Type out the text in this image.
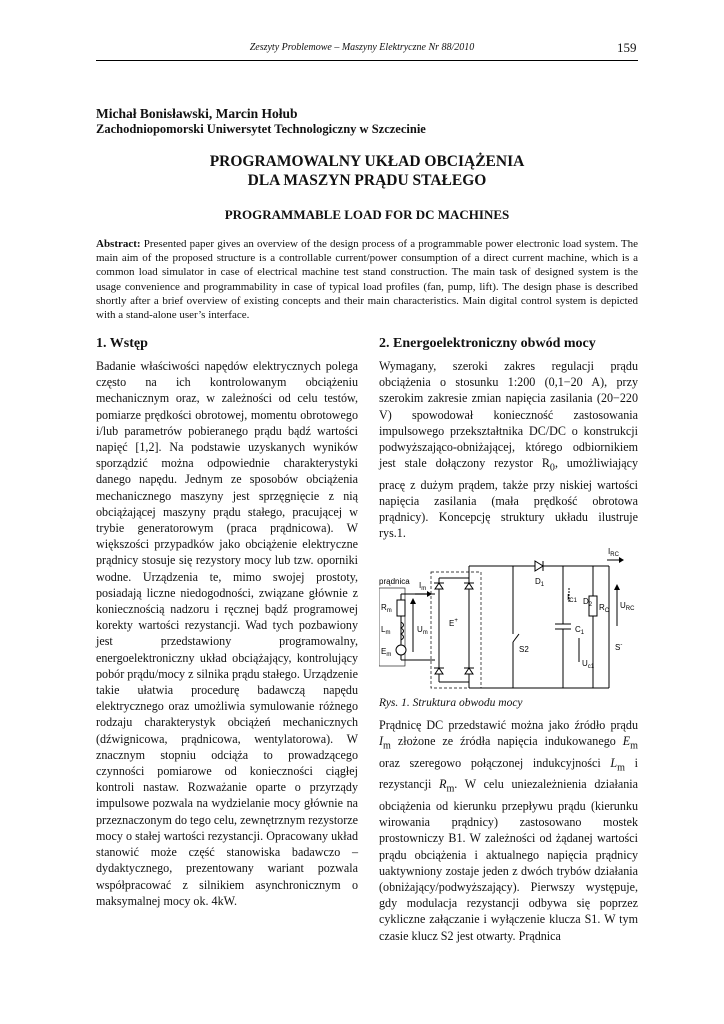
Zeszyty Problemowe – Maszyny Elektryczne Nr 88/2010	159
Michał Bonisławski, Marcin Hołub
Zachodniopomorski Uniwersytet Technologiczny w Szczecinie
PROGRAMOWALNY UKŁAD OBCIĄŻENIA
DLA MASZYN PRĄDU STAŁEGO
PROGRAMMABLE LOAD FOR DC MACHINES
Abstract: Presented paper gives an overview of the design process of a programmable power electronic load system. The main aim of the proposed structure is a controllable current/power consumption of a direct current machine, which is a common load simulator in case of electrical machine test stand construction. The main task of designed system is the usage convenience and programmability in case of typical load profiles (fan, pump, lift). The design phase is described shortly after a brief overview of existing concepts and their main characteristics. Main digital control system is depicted with a stand-alone user’s interface.
1. Wstęp

Badanie właściwości napędów elektrycznych polega często na ich kontrolowanym obciążeniu mechanicznym oraz, w zależności od celu testów, pomiarze prędkości obrotowej, momentu obrotowego i/lub parametrów pobieranego prądu bądź wartości napięć [1,2]. Na podstawie uzyskanych wyników sporządzić można odpowiednie charakterystyki danego napędu. Jednym ze sposobów obciążenia mechanicznego maszyny jest sprzęgnięcie z nią obciążającej maszyny prądu stałego, pracującej w trybie generatorowym (praca prądnicowa). W większości przypadków jako obciążenie elektryczne prądnicy stosuje się rezystory mocy lub tzw. oporniki wodne. Urządzenia te, mimo swojej prostoty, posiadają liczne niedogodności, związane głównie z koniecznością nadzoru i ręcznej bądź programowej korekty wartości rezystancji. Wad tych pozbawiony jest przedstawiony programowalny, energoelektroniczny układ obciążający, kontrolujący pobór prądu/mocy z silnika prądu stałego. Urządzenie takie ułatwia procedurę badawczą napędu elektrycznego oraz umożliwia symulowanie różnego rodzaju charakterystyk obciążeń mechanicznych (dźwignicowa, prądnicowa, wentylatorowa). W znacznym stopniu odciąża to prowadzącego czynności pomiarowe od konieczności ciągłej kontroli nastaw. Rozważanie oparte o przyrządy impulsowe pozwala na wydzielanie mocy głównie na przeznaczonym do tego celu, zewnętrznym rezystorze mocy o stałej wartości rezystancji. Opracowany układ stanowić może część stanowiska badawczo – dydaktycznego, prezentowany wariant pozwala współpracować z silnikiem asynchronicznym o maksymalnej mocy ok. 4kW.

2. Energoelektroniczny obwód mocy

Wymagany, szeroki zakres regulacji prądu obciążenia o stosunku 1:200 (0,1−20 A), przy szerokim zakresie zmian napięcia zasilania (20−220 V) spowodował konieczność zastosowania impulsowego przekształtnika DC/DC o konstrukcji podwyższająco-obniżającej, którego odbiornikiem jest stale dołączony rezystor $R_0$, umożliwiający pracę z dużym prądem, także przy niskiej wartości napięcia zasilania (mała prędkość obrotowa prądnicy). Koncepcję struktury układu ilustruje rys.1.

prądnica
$R_m$
$L_m$
$E_m$
$I_m$
$U_m$
E+
S2
$D_1$
$I_{RC}$
$I_{C1}$
$C_1$
$D_2$ $R_C$
$U_{RC}$
$U_{c1}$
S-
Rys. 1. Struktura obwodu mocy

Prądnicę DC przedstawić można jako źródło prądu $I_m$ złożone ze źródła napięcia indukowanego $E_m$ oraz szeregowo połączonej indukcyjności $L_m$ i rezystancji $R_m$. W celu uniezależnienia działania obciążenia od kierunku przepływu prądu (kierunku wirowania prądnicy) zastosowano mostek prostowniczy B1. W zależności od żądanej wartości prądu obciążenia i aktualnego napięcia prądnicy uaktywniony zostaje jeden z dwóch trybów działania (obniżający/podwyższający). Pierwszy występuje, gdy modulacja rezystancji odbywa się poprzez cykliczne załączanie i wyłączenie klucza S1. W tym czasie klucz S2 jest otwarty. Prądnica
